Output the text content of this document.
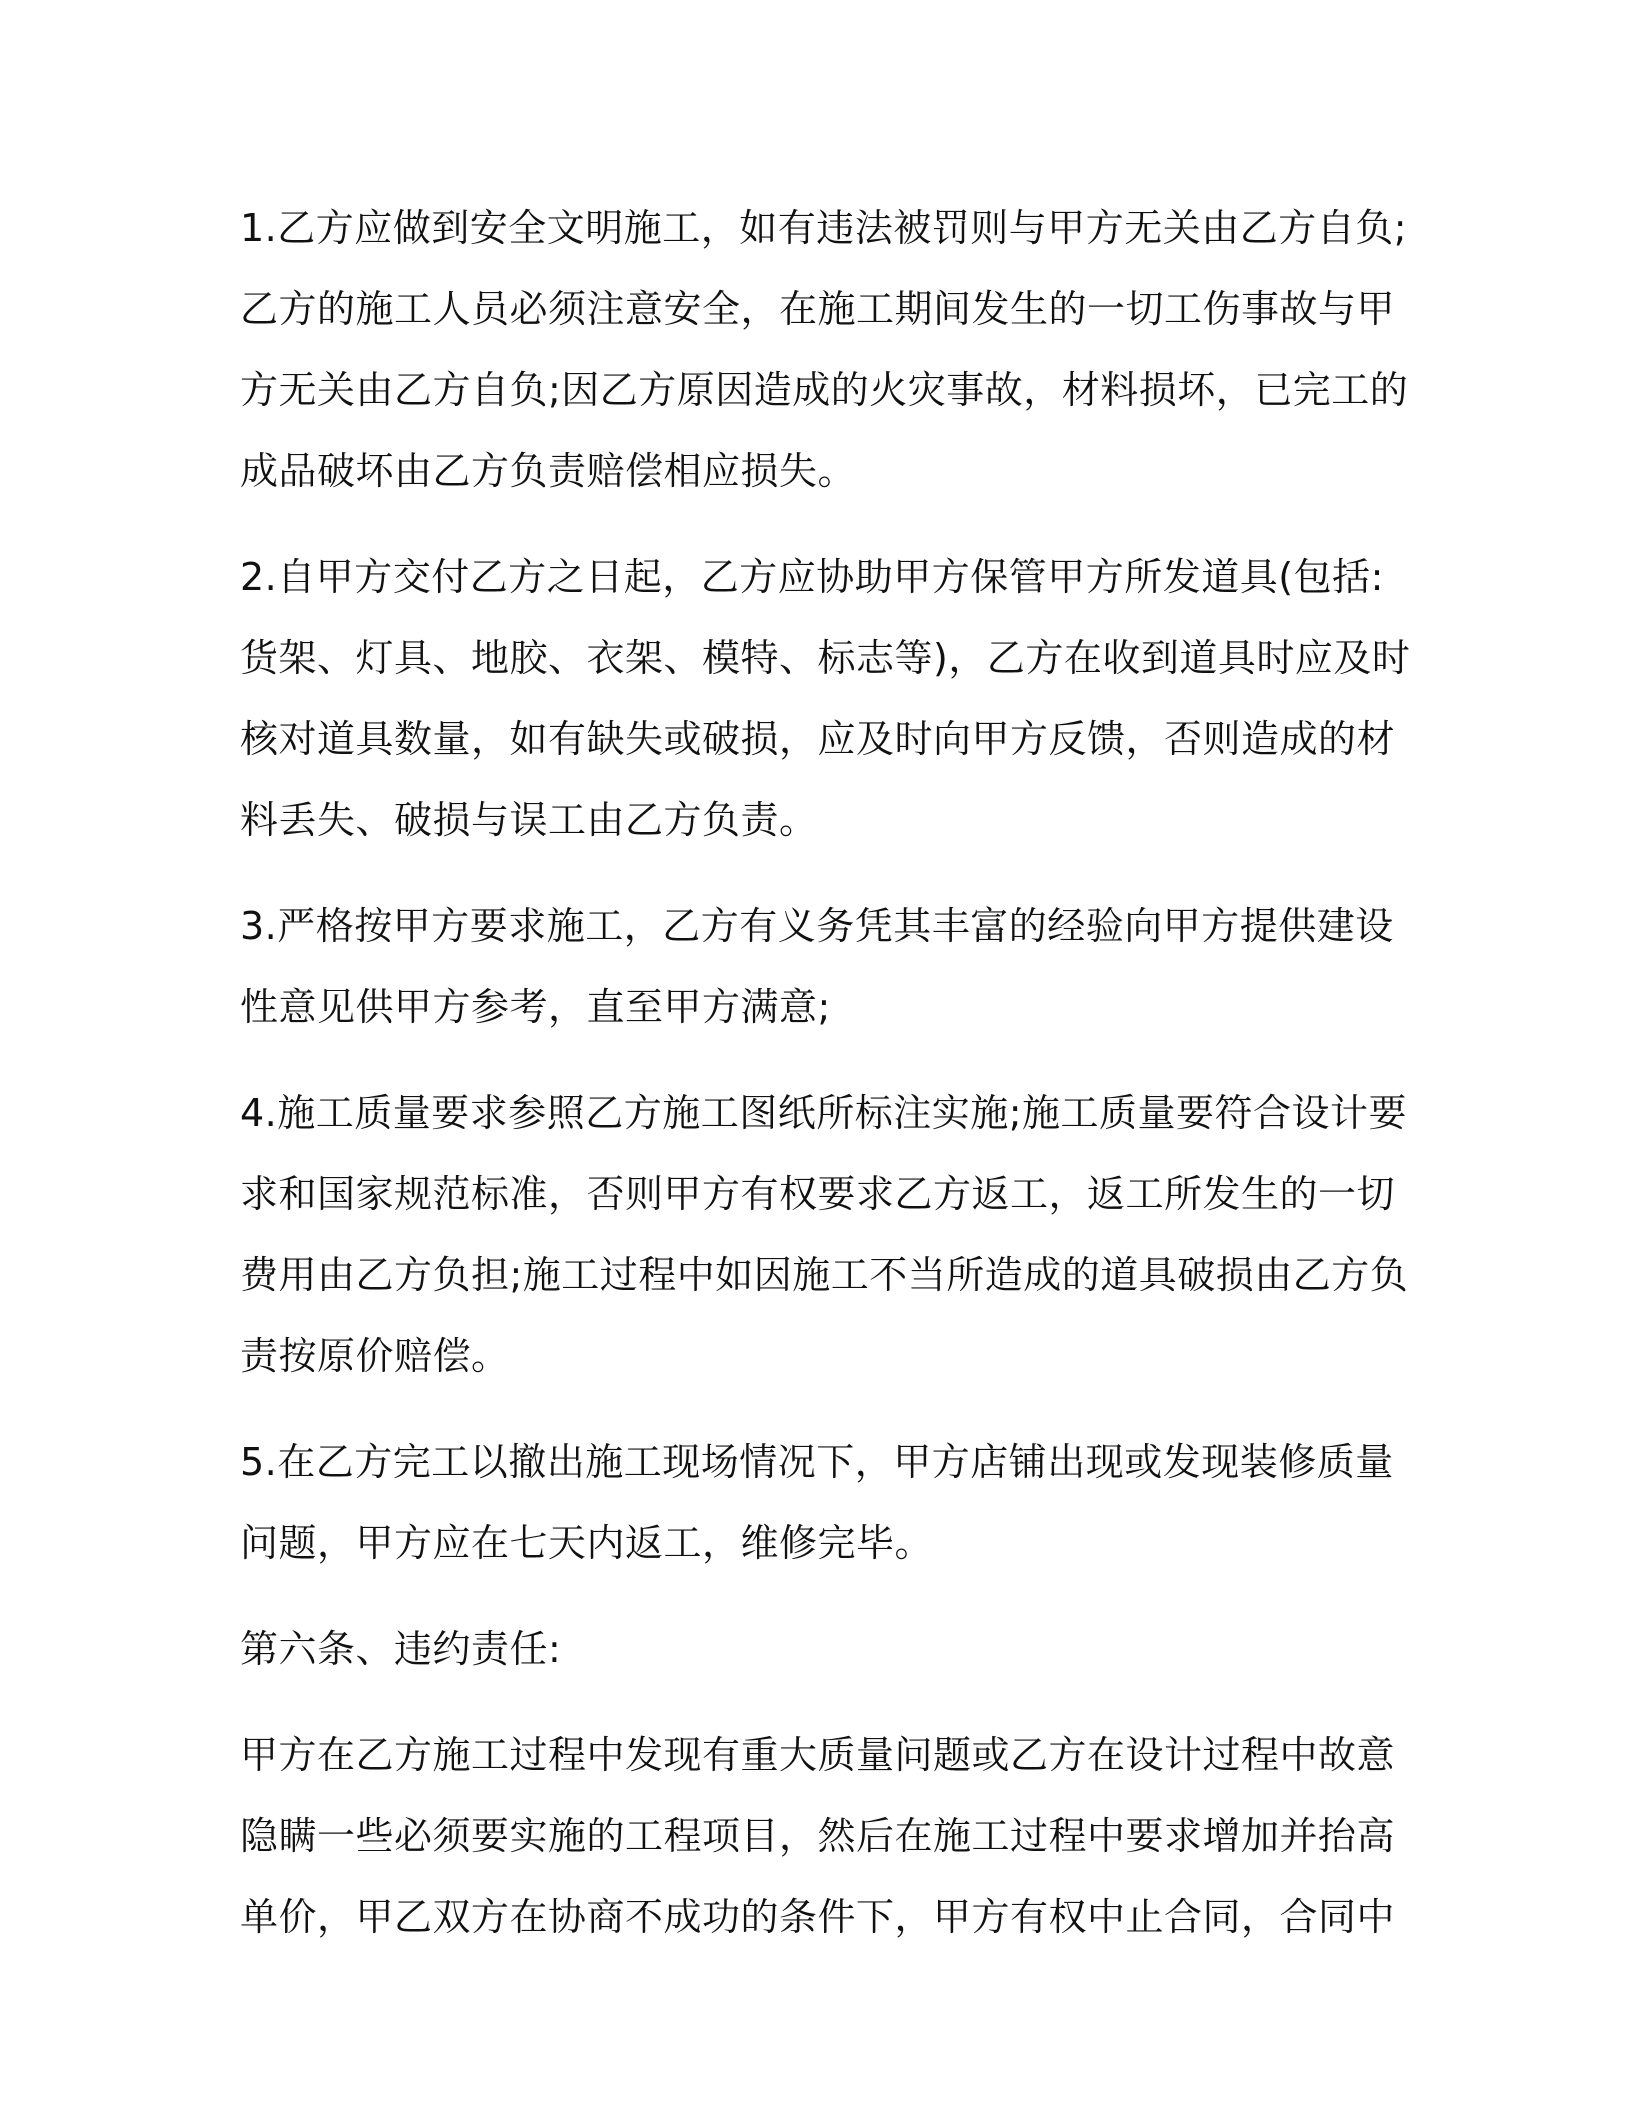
1.乙方应做到安全文明施工，如有违法被罚则与甲方无关由乙方自负;
乙方的施工人员必须注意安全，在施工期间发生的一切工伤事故与甲
方无关由乙方自负;因乙方原因造成的火灾事故，材料损坏，已完工的
成品破坏由乙方负责赔偿相应损失。

2.自甲方交付乙方之日起，乙方应协助甲方保管甲方所发道具(包括:
货架、灯具、地胶、衣架、模特、标志等)，乙方在收到道具时应及时
核对道具数量，如有缺失或破损，应及时向甲方反馈，否则造成的材
料丢失、破损与误工由乙方负责。

3.严格按甲方要求施工，乙方有义务凭其丰富的经验向甲方提供建设
性意见供甲方参考，直至甲方满意;

4.施工质量要求参照乙方施工图纸所标注实施;施工质量要符合设计要
求和国家规范标准，否则甲方有权要求乙方返工，返工所发生的一切
费用由乙方负担;施工过程中如因施工不当所造成的道具破损由乙方负
责按原价赔偿。

5.在乙方完工以撤出施工现场情况下，甲方店铺出现或发现装修质量
问题，甲方应在七天内返工，维修完毕。

第六条、违约责任:

甲方在乙方施工过程中发现有重大质量问题或乙方在设计过程中故意
隐瞒一些必须要实施的工程项目，然后在施工过程中要求增加并抬高
单价，甲乙双方在协商不成功的条件下，甲方有权中止合同，合同中
